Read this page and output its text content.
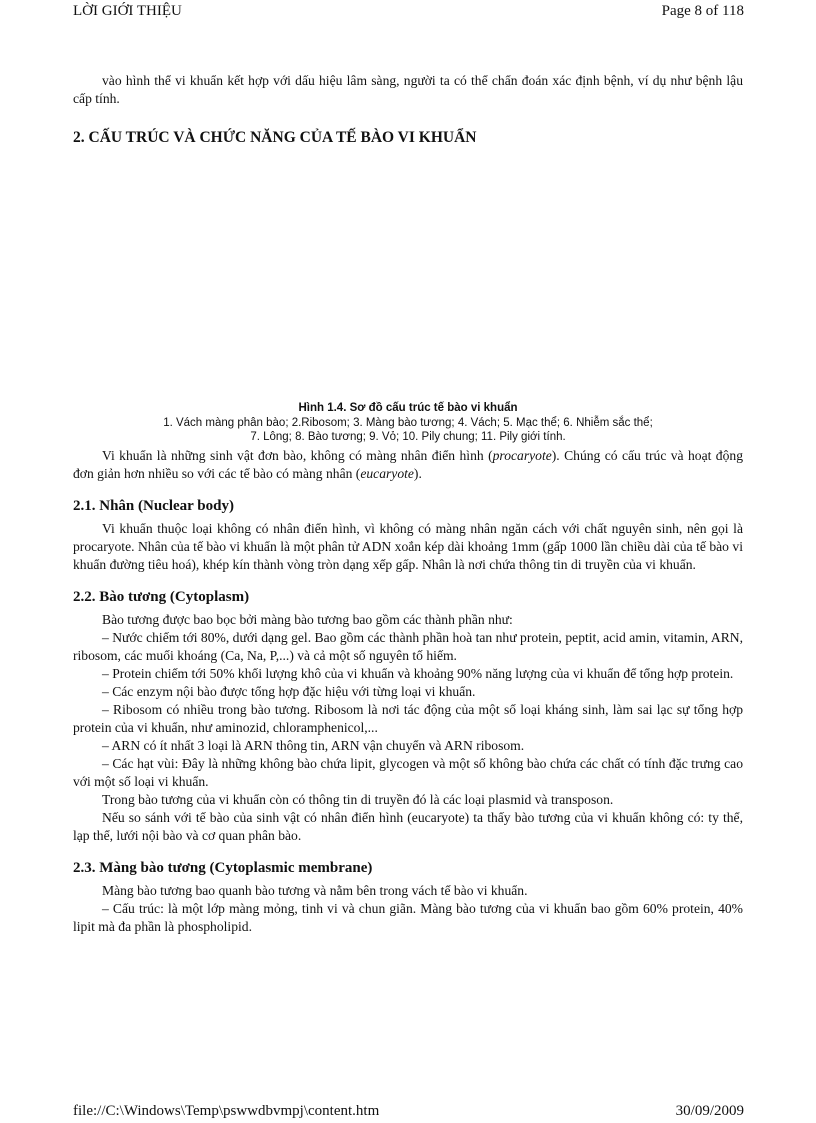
LỜI GIỚI THIỆU	Page 8 of 118

vào hình thể vi khuẩn kết hợp với dấu hiệu lâm sàng, người ta có thể chẩn đoán xác định bệnh, ví dụ như bệnh lậu cấp tính.

2. CẤU TRÚC VÀ CHỨC NĂNG CỦA TẾ BÀO VI KHUẨN
Hình 1.4. Sơ đồ cấu trúc tế bào vi khuẩn
1. Vách màng phân bào; 2.Ribosom; 3. Màng bào tương; 4. Vách; 5. Mạc thể; 6. Nhiễm sắc thể;
7. Lông; 8. Bào tương; 9. Vỏ; 10. Pily chung; 11. Pily giới tính.

Vi khuẩn là những sinh vật đơn bào, không có màng nhân điển hình (procaryote). Chúng có cấu trúc và hoạt động đơn giản hơn nhiều so với các tế bào có màng nhân (eucaryote).

2.1. Nhân (Nuclear body)

Vi khuẩn thuộc loại không có nhân điển hình, vì không có màng nhân ngăn cách với chất nguyên sinh, nên gọi là procaryote. Nhân của tế bào vi khuẩn là một phân tử ADN xoắn kép dài khoảng 1mm (gấp 1000 lần chiều dài của tế bào vi khuẩn đường tiêu hoá), khép kín thành vòng tròn dạng xếp gấp. Nhân là nơi chứa thông tin di truyền của vi khuẩn.

2.2. Bào tương (Cytoplasm)

Bào tương được bao bọc bởi màng bào tương bao gồm các thành phần như:

– Nước chiếm tới 80%, dưới dạng gel. Bao gồm các thành phần hoà tan như protein, peptit, acid amin, vitamin, ARN, ribosom, các muối khoáng (Ca, Na, P,...) và cả một số nguyên tố hiếm.

– Protein chiếm tới 50% khối lượng khô của vi khuẩn và khoảng 90% năng lượng của vi khuẩn để tổng hợp protein.

– Các enzym nội bào được tổng hợp đặc hiệu với từng loại vi khuẩn.

– Ribosom có nhiều trong bào tương. Ribosom là nơi tác động của một số loại kháng sinh, làm sai lạc sự tổng hợp protein của vi khuẩn, như aminozid, chloramphenicol,...

– ARN có ít nhất 3 loại là ARN thông tin, ARN vận chuyển và ARN ribosom.

– Các hạt vùi: Đây là những không bào chứa lipit, glycogen và một số không bào chứa các chất có tính đặc trưng cao với một số loại vi khuẩn.

Trong bào tương của vi khuẩn còn có thông tin di truyền đó là các loại plasmid và transposon.

Nếu so sánh với tế bào của sinh vật có nhân điển hình (eucaryote) ta thấy bào tương của vi khuẩn không có: ty thể, lạp thể, lưới nội bào và cơ quan phân bào.

2.3. Màng bào tương (Cytoplasmic membrane)

Màng bào tương bao quanh bào tương và nằm bên trong vách tế bào vi khuẩn.

– Cấu trúc: là một lớp màng mỏng, tinh vi và chun giãn. Màng bào tương của vi khuẩn bao gồm 60% protein, 40% lipit mà đa phần là phospholipid.

file://C:\Windows\Temp\pswwdbvmpj\content.htm	30/09/2009
